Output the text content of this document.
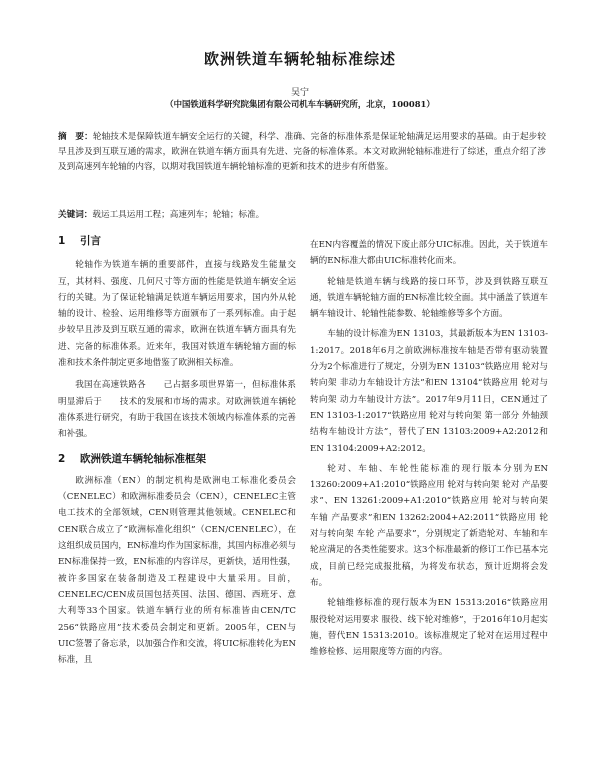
欧洲铁道车辆轮轴标准综述
吴宁
（中国铁道科学研究院集团有限公司机车车辆研究所，北京，100081）
摘　要：轮轴技术是保障铁道车辆安全运行的关键，科学、准确、完备的标准体系是保证轮轴满足运用要求的基础。由于起步较早且涉及到互联互通的需求，欧洲在铁道车辆方面具有先进、完备的标准体系。本文对欧洲轮轴标准进行了综述，重点介绍了涉及到高速列车轮轴的内容，以期对我国铁道车辆轮轴标准的更新和技术的进步有所借鉴。
关键词：载运工具运用工程；高速列车；轮轴；标准。
1 引言

轮轴作为铁道车辆的重要部件，直接与线路发生能量交互，其材料、强度、几何尺寸等方面的性能是铁道车辆安全运行的关键。为了保证轮轴满足铁道车辆运用要求，国内外从轮轴的设计、检验、运用维修等方面颁布了一系列标准。由于起步较早且涉及到互联互通的需求，欧洲在铁道车辆方面具有先进、完备的标准体系。近来年，我国对铁道车辆轮轴方面的标准和技术条件制定更多地借鉴了欧洲相关标准。

我国在高速铁路各　　己占据多项世界第一，但标准体系明显滞后于　　技术的发展和市场的需求。对欧洲铁道车辆轮　　准体系进行研究，有助于我国在该技术领域内标准体系的完善和补强。

2 欧洲铁道车辆轮轴标准框架

欧洲标准（EN）的制定机构是欧洲电工标准化委员会（CENELEC）和欧洲标准委员会（CEN），CENELEC主管电工技术的全部领域，CEN则管理其他领域。CENELEC和CEN联合成立了“欧洲标准化组织”（CEN/CENELEC），在这组织成员国内，EN标准均作为国家标准，其国内标准必须与EN标准保持一致，EN标准的内容详尽，更新快，适用性强，被许多国家在装备制造及工程建设中大量采用。目前，CENELEC/CEN成员国包括英国、法国、德国、西班牙、意大利等33个国家。铁道车辆行业的所有标准皆由CEN/TC 256“铁路应用”技术委员会制定和更新。2005年，CEN与UIC签署了备忘录，以加强合作和交流，将UIC标准转化为EN标准，且

在EN内容覆盖的情况下废止部分UIC标准。因此，关于铁道车辆的EN标准大都由UIC标准转化而来。

轮轴是铁道车辆与线路的接口环节，涉及到铁路互联互通，铁道车辆轮轴方面的EN标准比较全面。其中涵盖了铁道车辆车轴设计、轮轴性能参数、轮轴维修等多个方面。

车轴的设计标准为EN 13103，其最新版本为EN 13103-1:2017。2018年6月之前欧洲标准按车轴是否带有驱动装置分为2个标准进行了规定，分别为EN 13103“铁路应用 轮对与转向架 非动力车轴设计方法”和EN 13104“铁路应用 轮对与转向架 动力车轴设计方法”。2017年9月11日，CEN通过了EN 13103-1:2017“铁路应用 轮对与转向架 第一部分 外轴颈结构车轴设计方法”，替代了EN 13103:2009+A2:2012和EN 13104:2009+A2:2012。

轮对、车轴、车轮性能标准的现行版本分别为EN 13260:2009+A1:2010“铁路应用 轮对与转向架 轮对 产品要求”、EN 13261:2009+A1:2010“铁路应用 轮对与转向架 车轴 产品要求”和EN 13262:2004+A2:2011“铁路应用 轮对与转向架 车轮 产品要求”，分别规定了新造轮对、车轴和车轮应满足的各类性能要求。这3个标准最新的修订工作已基本完成，目前已经完成报批稿，为将发布状态，预计近期将会发布。

轮轴维修标准的现行版本为EN 15313:2016“铁路应用 服役轮对运用要求 服役、线下轮对维修”，于2016年10月起实施，替代EN 15313:2010。该标准规定了轮对在运用过程中维修检修、运用限度等方面的内容。
